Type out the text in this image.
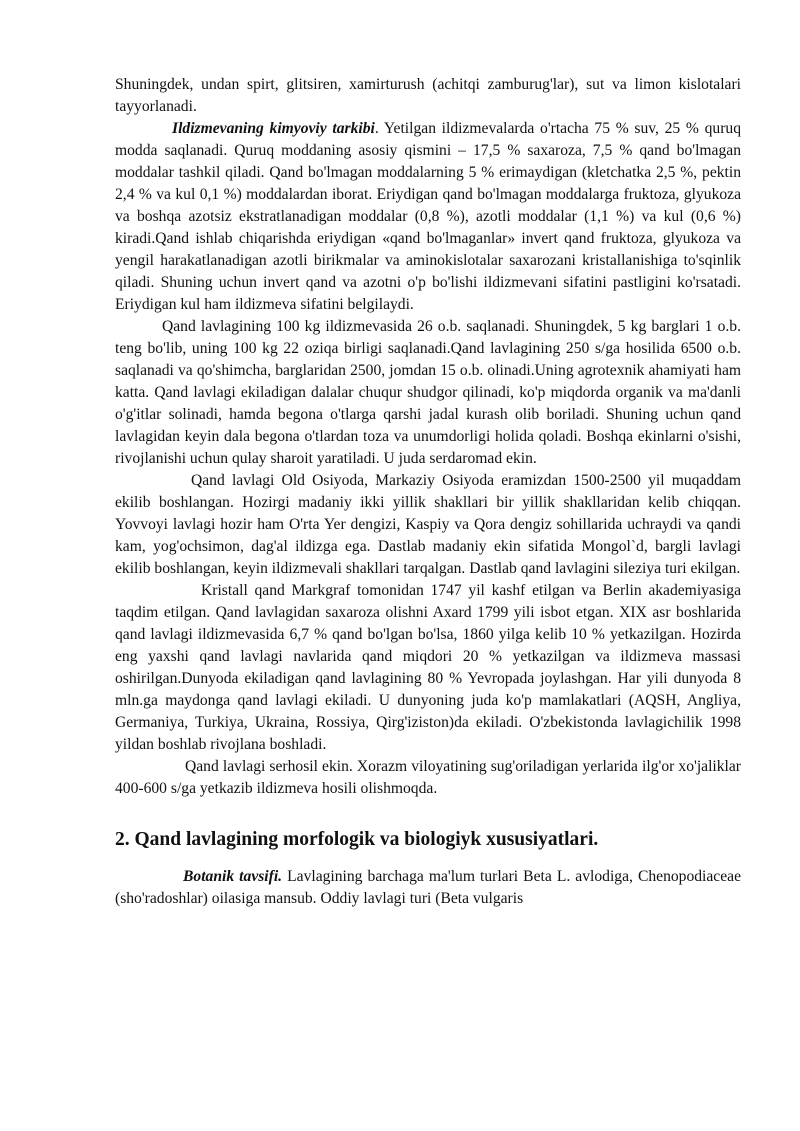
Shuningdek, undan spirt, glitsiren, xamirturush (achitqi zamburug'lar), sut va limon kislotalari tayyorlanadi.

Ildizmevaning kimyoviy tarkibi. Yetilgan ildizmevalarda o'rtacha 75 % suv, 25 % quruq modda saqlanadi. Quruq moddaning asosiy qismini – 17,5 % saxaroza, 7,5 % qand bo'lmagan moddalar tashkil qiladi. Qand bo'lmagan moddalarning 5 % erimaydigan (kletchatka 2,5 %, pektin 2,4 % va kul 0,1 %) moddalardan iborat. Eriydigan qand bo'lmagan moddalarga fruktoza, glyukoza va boshqa azotsiz ekstratlanadigan moddalar (0,8 %), azotli moddalar (1,1 %) va kul (0,6 %) kiradi.Qand ishlab chiqarishda eriydigan «qand bo'lmaganlar» invert qand fruktoza, glyukoza va yengil harakatlanadigan azotli birikmalar va aminokislotalar saxarozani kristallanishiga to'sqinlik qiladi. Shuning uchun invert qand va azotni o'p bo'lishi ildizmevani sifatini pastligini ko'rsatadi. Eriydigan kul ham ildizmeva sifatini belgilaydi.

Qand lavlagining 100 kg ildizmevasida 26 o.b. saqlanadi. Shuningdek, 5 kg barglari 1 o.b. teng bo'lib, uning 100 kg 22 oziqa birligi saqlanadi.Qand lavlagining 250 s/ga hosilida 6500 o.b. saqlanadi va qo'shimcha, barglaridan 2500, jomdan 15 o.b. olinadi.Uning agrotexnik ahamiyati ham katta. Qand lavlagi ekiladigan dalalar chuqur shudgor qilinadi, ko'p miqdorda organik va ma'danli o'g'itlar solinadi, hamda begona o'tlarga qarshi jadal kurash olib boriladi. Shuning uchun qand lavlagidan keyin dala begona o'tlardan toza va unumdorligi holida qoladi. Boshqa ekinlarni o'sishi, rivojlanishi uchun qulay sharoit yaratiladi. U juda serdaromad ekin.

Qand lavlagi Old Osiyoda, Markaziy Osiyoda eramizdan 1500-2500 yil muqaddam ekilib boshlangan. Hozirgi madaniy ikki yillik shakllari bir yillik shakllaridan kelib chiqqan. Yovvoyi lavlagi hozir ham O'rta Yer dengizi, Kaspiy va Qora dengiz sohillarida uchraydi va qandi kam, yog'ochsimon, dag'al ildizga ega. Dastlab madaniy ekin sifatida Mongol`d, bargli lavlagi ekilib boshlangan, keyin ildizmevali shakllari tarqalgan. Dastlab qand lavlagini sileziya turi ekilgan.

Kristall qand Markgraf tomonidan 1747 yil kashf etilgan va Berlin akademiyasiga taqdim etilgan. Qand lavlagidan saxaroza olishni Axard 1799 yili isbot etgan. XIX asr boshlarida qand lavlagi ildizmevasida 6,7 % qand bo'lgan bo'lsa, 1860 yilga kelib 10 % yetkazilgan. Hozirda eng yaxshi qand lavlagi navlarida qand miqdori 20 % yetkazilgan va ildizmeva massasi oshirilgan.Dunyoda ekiladigan qand lavlagining 80 % Yevropada joylashgan. Har yili dunyoda 8 mln.ga maydonga qand lavlagi ekiladi. U dunyoning juda ko'p mamlakatlari (AQSH, Angliya, Germaniya, Turkiya, Ukraina, Rossiya, Qirg'iziston)da ekiladi. O'zbekistonda lavlagichilik 1998 yildan boshlab rivojlana boshladi.

Qand lavlagi serhosil ekin. Xorazm viloyatining sug'oriladigan yerlarida ilg'or xo'jaliklar 400-600 s/ga yetkazib ildizmeva hosili olishmoqda.

2. Qand lavlagining morfologik va biologiyk xususiyatlari.

Botanik tavsifi. Lavlagining barchaga ma'lum turlari Beta L. avlodiga, Chenopodiaceae (sho'radoshlar) oilasiga mansub. Oddiy lavlagi turi (Beta vulgaris
